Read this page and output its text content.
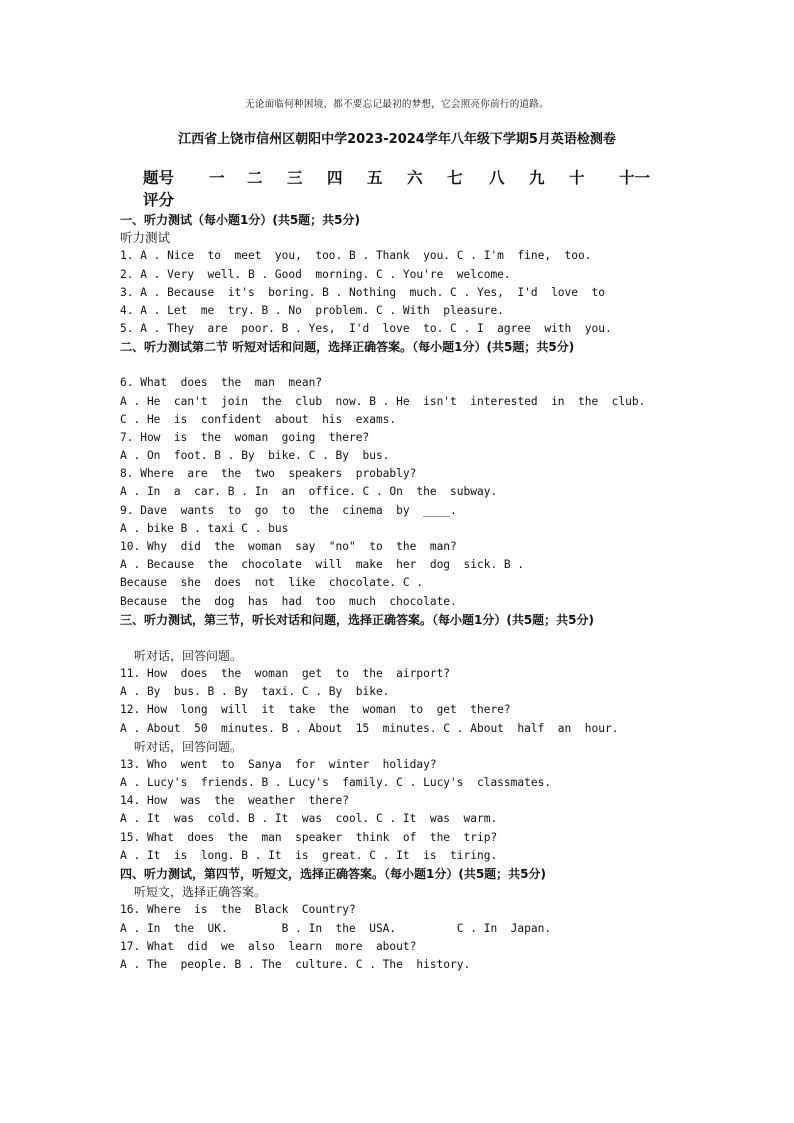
无论面临何种困境，都不要忘记最初的梦想，它会照亮你前行的道路。
江西省上饶市信州区朝阳中学2023-2024学年八年级下学期5月英语检测卷
题号 一 二 三 四 五 六 七 八 九 十 十一
评分
一、听力测试（每小题1分）(共5题；共5分)
听力测试
1. A . Nice  to  meet  you,  too. B . Thank  you. C . I'm  fine,  too.
2. A . Very  well. B . Good  morning. C . You're  welcome.
3. A . Because  it's  boring. B . Nothing  much. C . Yes,  I'd  love  to
4. A . Let  me  try. B . No  problem. C . With  pleasure.
5. A . They  are  poor. B . Yes,  I'd  love  to. C . I  agree  with  you.
二、听力测试第二节 听短对话和问题，选择正确答案。（每小题1分）(共5题；共5分)
6. What  does  the  man  mean?
A . He  can't  join  the  club  now. B . He  isn't  interested  in  the  club.
C . He  is  confident  about  his  exams.
7. How  is  the  woman  going  there?
A . On  foot. B . By  bike. C . By  bus.
8. Where  are  the  two  speakers  probably?
A . In  a  car. B . In  an  office. C . On  the  subway.
9. Dave  wants  to  go  to  the  cinema  by  ____.
A . bike B . taxi C . bus
10. Why  did  the  woman  say  "no"  to  the  man?
A . Because  the  chocolate  will  make  her  dog  sick. B .
Because  she  does  not  like  chocolate. C .
Because  the  dog  has  had  too  much  chocolate.
三、听力测试，第三节，听长对话和问题，选择正确答案。（每小题1分）(共5题；共5分)
听对话，回答问题。
11. How  does  the  woman  get  to  the  airport?
A . By  bus. B . By  taxi. C . By  bike.
12. How  long  will  it  take  the  woman  to  get  there?
A . About  50  minutes. B . About  15  minutes. C . About  half  an  hour.
听对话，回答问题。
13. Who  went  to  Sanya  for  winter  holiday?
A . Lucy's  friends. B . Lucy's  family. C . Lucy's  classmates.
14. How  was  the  weather  there?
A . It  was  cold. B . It  was  cool. C . It  was  warm.
15. What  does  the  man  speaker  think  of  the  trip?
A . It  is  long. B . It  is  great. C . It  is  tiring.
四、听力测试，第四节，听短文，选择正确答案。（每小题1分）(共5题；共5分)
听短文，选择正确答案。
16. Where  is  the  Black  Country?
A . In  the  UK.        B . In  the  USA.         C . In  Japan.
17. What  did  we  also  learn  more  about?
A . The  people. B . The  culture. C . The  history.
